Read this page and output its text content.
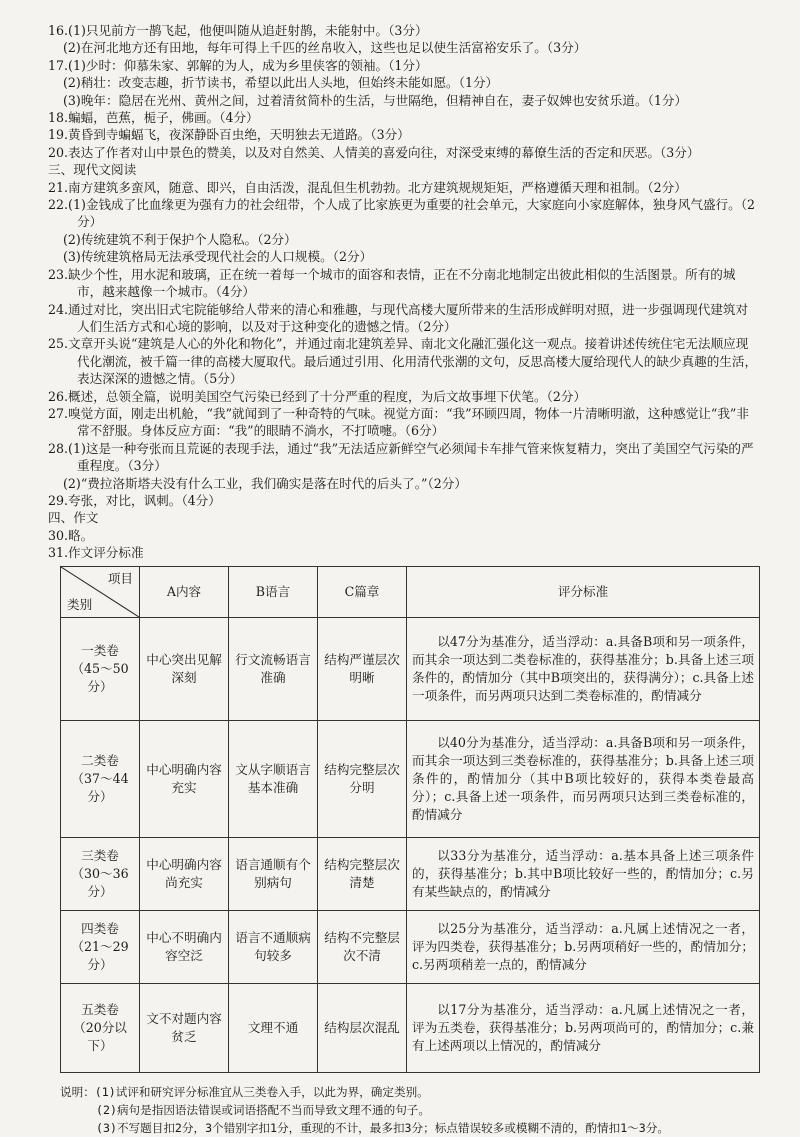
16.(1)只见前方一鹊飞起，他便叫随从追赶射鹊，未能射中。（3分）

(2)在河北地方还有田地，每年可得上千匹的丝帛收入，这些也足以使生活富裕安乐了。（3分）

17.(1)少时：仰慕朱家、郭解的为人，成为乡里侠客的领袖。（1分）

(2)稍壮：改变志趣，折节读书，希望以此出人头地，但始终未能如愿。（1分）

(3)晚年：隐居在光州、黄州之间，过着清贫简朴的生活，与世隔绝，但精神自在，妻子奴婢也安贫乐道。（1分）

18.蝙蝠，芭蕉，栀子，佛画。（4分）

19.黄昏到寺蝙蝠飞，夜深静卧百虫绝，天明独去无道路。（3分）

20.表达了作者对山中景色的赞美，以及对自然美、人情美的喜爱向往，对深受束缚的幕僚生活的否定和厌恶。（3分）

三、现代文阅读

21.南方建筑多蛮风，随意、即兴，自由活泼，混乱但生机勃勃。北方建筑规规矩矩，严格遵循天理和祖制。（2分）

22.(1)金钱成了比血缘更为强有力的社会纽带，个人成了比家族更为重要的社会单元，大家庭向小家庭解体，独身风气盛行。（2分）

(2)传统建筑不利于保护个人隐私。（2分）

(3)传统建筑格局无法承受现代社会的人口规模。（2分）

23.缺少个性，用水泥和玻璃，正在统一着每一个城市的面容和表情，正在不分南北地制定出彼此相似的生活图景。所有的城市，越来越像一个城市。（4分）

24.通过对比，突出旧式宅院能够给人带来的清心和雅趣，与现代高楼大厦所带来的生活形成鲜明对照，进一步强调现代建筑对人们生活方式和心境的影响，以及对于这种变化的遗憾之情。（2分）

25.文章开头说“建筑是人心的外化和物化”，并通过南北建筑差异、南北文化融汇强化这一观点。接着讲述传统住宅无法顺应现代化潮流，被千篇一律的高楼大厦取代。最后通过引用、化用清代张潮的文句，反思高楼大厦给现代人的缺少真趣的生活，表达深深的遗憾之情。（5分）

26.概述，总领全篇，说明美国空气污染已经到了十分严重的程度，为后文故事埋下伏笔。（2分）

27.嗅觉方面，刚走出机舱，“我”就闻到了一种奇特的气味。视觉方面：“我”环顾四周，物体一片清晰明澈，这种感觉让“我”非常不舒服。身体反应方面：“我”的眼睛不淌水，不打喷嚏。（6分）

28.(1)这是一种夸张而且荒诞的表现手法，通过“我”无法适应新鲜空气必须闻卡车排气管来恢复精力，突出了美国空气污染的严重程度。（3分）

(2)“费拉洛斯塔夫没有什么工业，我们确实是落在时代的后头了。”（2分）

29.夸张，对比，讽刺。（4分）

四、作文

30.略。

31.作文评分标准

项目
类别	A内容	B语言	C篇章	评分标准
一类卷
（45～50分）	中心突出见解深刻	行文流畅语言准确	结构严谨层次明晰	以47分为基准分，适当浮动：a.具备B项和另一项条件，而其余一项达到二类卷标准的，获得基准分；b.具备上述三项条件的，酌情加分（其中B项突出的，获得满分）；c.具备上述一项条件，而另两项只达到二类卷标准的，酌情减分
二类卷
（37～44分）	中心明确内容充实	文从字顺语言基本准确	结构完整层次分明	以40分为基准分，适当浮动：a.具备B项和另一项条件，而其余一项达到三类卷标准的，获得基准分；b.具备上述三项条件的，酌情加分（其中B项比较好的，获得本类卷最高分）；c.具备上述一项条件，而另两项只达到三类卷标准的，酌情减分
三类卷
（30～36分）	中心明确内容尚充实	语言通顺有个别病句	结构完整层次清楚	以33分为基准分，适当浮动：a.基本具备上述三项条件的，获得基准分；b.其中B项比较好一些的，酌情加分；c.另有某些缺点的，酌情减分
四类卷
（21～29分）	中心不明确内容空泛	语言不通顺病句较多	结构不完整层次不清	以25分为基准分，适当浮动：a.凡属上述情况之一者，评为四类卷，获得基准分；b.另两项稍好一些的，酌情加分；c.另两项稍差一点的，酌情减分
五类卷
（20分以下）	文不对题内容贫乏	文理不通	结构层次混乱	以17分为基准分，适当浮动：a.凡属上述情况之一者，评为五类卷，获得基准分；b.另两项尚可的，酌情加分；c.兼有上述两项以上情况的，酌情减分

说明：(1)试评和研究评分标准宜从三类卷入手，以此为界，确定类别。

(2)病句是指因语法错误或词语搭配不当而导致文理不通的句子。

(3)不写题目扣2分，3个错别字扣1分，重现的不计，最多扣3分；标点错误较多或模糊不清的，酌情扣1～3分。
